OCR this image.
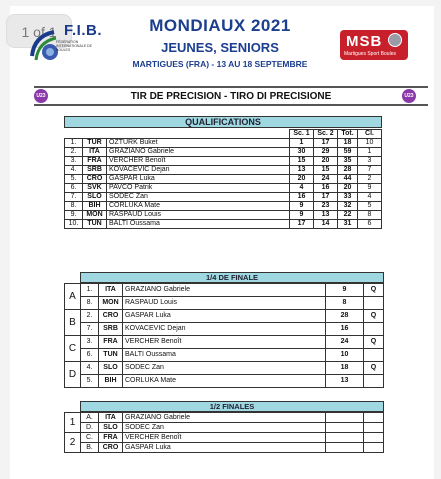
1 of 1 F.I.B.
FÉDÉRATION INTERNATIONALE DE BOULES
MONDIAUX 2021
JEUNES, SENIORS
MARTIGUES (FRA) - 13 AU 18 SEPTEMBRE
MSB
Martigues Sport Boules
U23	TIR DE PRECISION - TIRO DI PRECISIONE	U23
QUALIFICATIONS
			Sc. 1	Sc. 2	Tot.	Cl.
1.	TUR	OZTURK Buket	1	17	18	10
2.	ITA	GRAZIANO Gabriele	30	29	59	1
3.	FRA	VERCHER Benoît	15	20	35	3
4.	SRB	KOVACEVIC Dejan	13	15	28	7
5.	CRO	GASPAR Luka	20	24	44	2
6.	SVK	PAVCO Patrik	4	16	20	9
7.	SLO	SODEC Zan	16	17	33	4
8.	BIH	CORLUKA Mate	9	23	32	5
9.	MON	RASPAUD Louis	9	13	22	8
10.	TUN	BALTI Oussama	17	14	31	6
1/4 DE FINALE
A	1.	ITA	GRAZIANO Gabriele	9	Q
	8.	MON	RASPAUD Louis	8	
B	2.	CRO	GASPAR Luka	28	Q
	7.	SRB	KOVACEVIC Dejan	16	
C	3.	FRA	VERCHER Benoît	24	Q
	6.	TUN	BALTI Oussama	10	
D	4.	SLO	SODEC Zan	18	Q
	5.	BIH	CORLUKA Mate	13	
1/2 FINALES
1	A.	ITA	GRAZIANO Gabriele		
	D.	SLO	SODEC Zan		
2	C.	FRA	VERCHER Benoît		
	B.	CRO	GASPAR Luka		
